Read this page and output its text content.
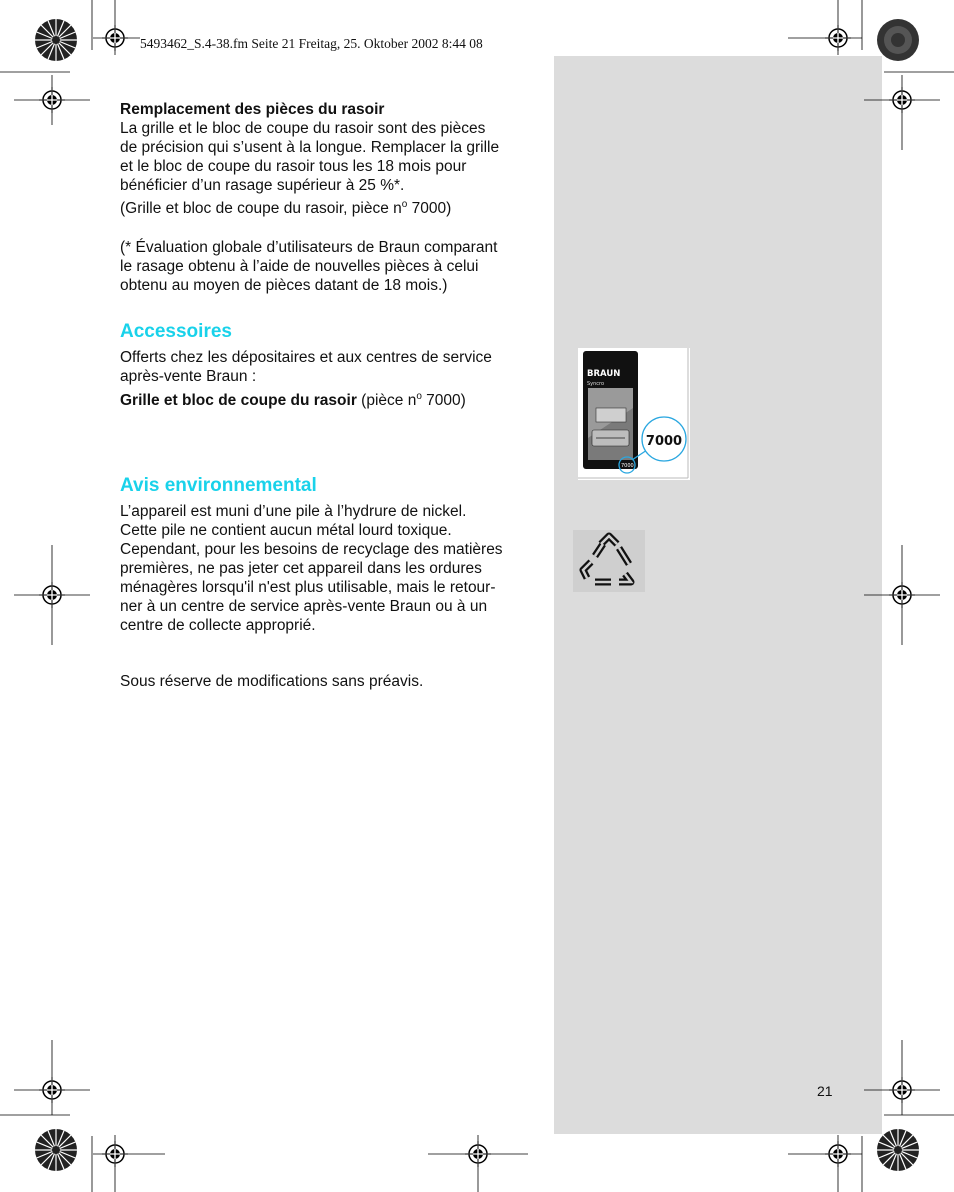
5493462_S.4-38.fm Seite 21 Freitag, 25. Oktober 2002 8:44 08

Remplacement des pièces du rasoir

La grille et le bloc de coupe du rasoir sont des pièces

de précision qui s’usent à la longue. Remplacer la grille

et le bloc de coupe du rasoir tous les 18 mois pour

bénéficier d’un rasage supérieur à 25 %*.

(Grille et bloc de coupe du rasoir, pièce $n^o$ 7000)

(* Évaluation globale d’utilisateurs de Braun comparant

le rasage obtenu à l’aide de nouvelles pièces à celui

obtenu au moyen de pièces datant de 18 mois.)

Accessoires

Offerts chez les dépositaires et aux centres de service

après-vente Braun :

Grille et bloc de coupe du rasoir (pièce $n^o$ 7000)

Avis environnemental

L’appareil est muni d’une pile à l’hydrure de nickel.

Cette pile ne contient aucun métal lourd toxique.

Cependant, pour les besoins de recyclage des matières

premières, ne pas jeter cet appareil dans les ordures

ménagères lorsqu'il n'est plus utilisable, mais le retour-

ner à un centre de service après-vente Braun ou à un

centre de collecte approprié.

Sous réserve de modifications sans préavis.

BRAUN
Syncro
7000
7000
21
